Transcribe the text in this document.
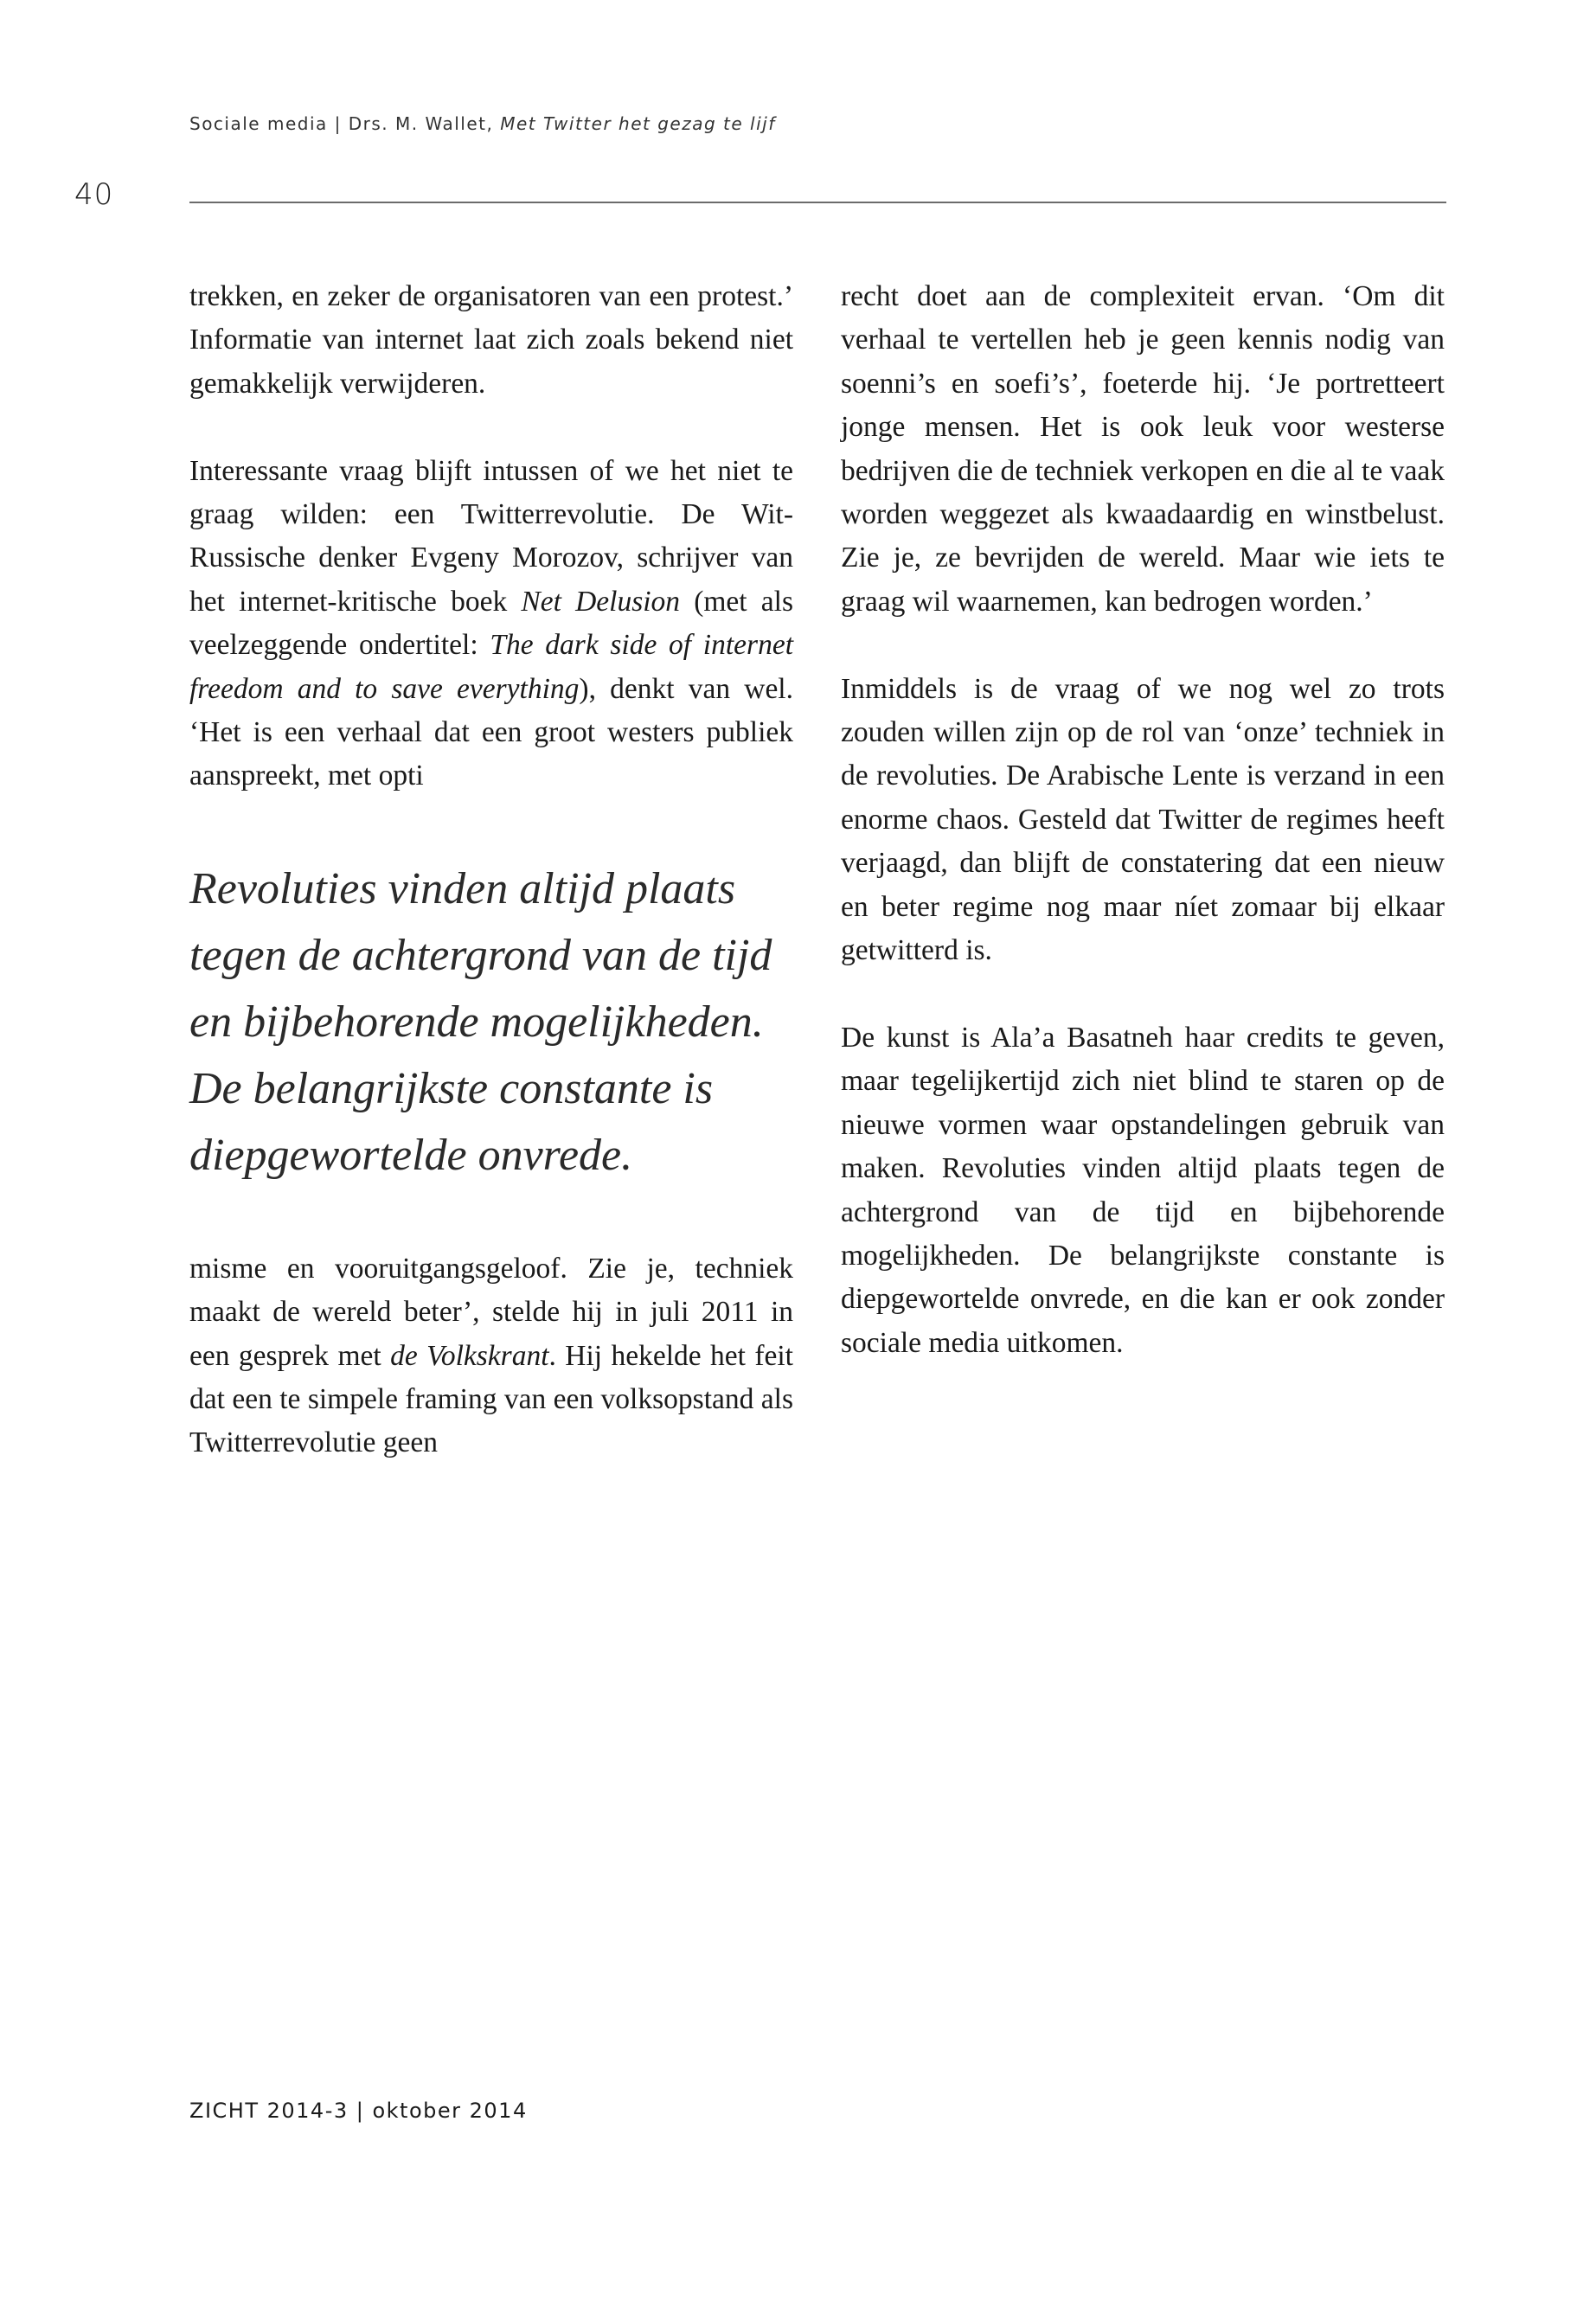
Sociale media | Drs. M. Wallet, Met Twitter het gezag te lijf
40

trekken, en zeker de organisatoren van een protest.’ Informatie van internet laat zich zoals bekend niet gemakkelijk verwijderen.

Interessante vraag blijft intussen of we het niet te graag wilden: een Twitterrevolutie. De Wit-Russische denker Evgeny Morozov, schrijver van het internet-kritische boek Net Delusion (met als veelzeggende ondertitel: The dark side of internet freedom and to save everything), denkt van wel. ‘Het is een verhaal dat een groot westers publiek aanspreekt, met opti

Revoluties vinden altijd plaats tegen de achtergrond van de tijd en bijbehorende mogelijkheden. De belangrijkste constante is diepgewortelde onvrede.

misme en vooruitgangsgeloof. Zie je, techniek maakt de wereld beter’, stelde hij in juli 2011 in een gesprek met de Volkskrant. Hij hekelde het feit dat een te simpele framing van een volksopstand als Twitterrevolutie geen

recht doet aan de complexiteit ervan. ‘Om dit verhaal te vertellen heb je geen kennis nodig van soenni’s en soefi’s’, foeterde hij. ‘Je portretteert jonge mensen. Het is ook leuk voor westerse bedrijven die de techniek verkopen en die al te vaak worden weggezet als kwaadaardig en winstbelust. Zie je, ze bevrijden de wereld. Maar wie iets te graag wil waarnemen, kan bedrogen worden.’

Inmiddels is de vraag of we nog wel zo trots zouden willen zijn op de rol van ‘onze’ techniek in de revoluties. De Arabische Lente is verzand in een enorme chaos. Gesteld dat Twitter de regimes heeft verjaagd, dan blijft de constatering dat een nieuw en beter regime nog maar níet zomaar bij elkaar getwitterd is.

De kunst is Ala’a Basatneh haar credits te geven, maar tegelijkertijd zich niet blind te staren op de nieuwe vormen waar opstandelingen gebruik van maken. Revoluties vinden altijd plaats tegen de achtergrond van de tijd en bijbehorende mogelijkheden. De belangrijkste constante is diepgewortelde onvrede, en die kan er ook zonder sociale media uitkomen.

ZICHT 2014-3 | oktober 2014
